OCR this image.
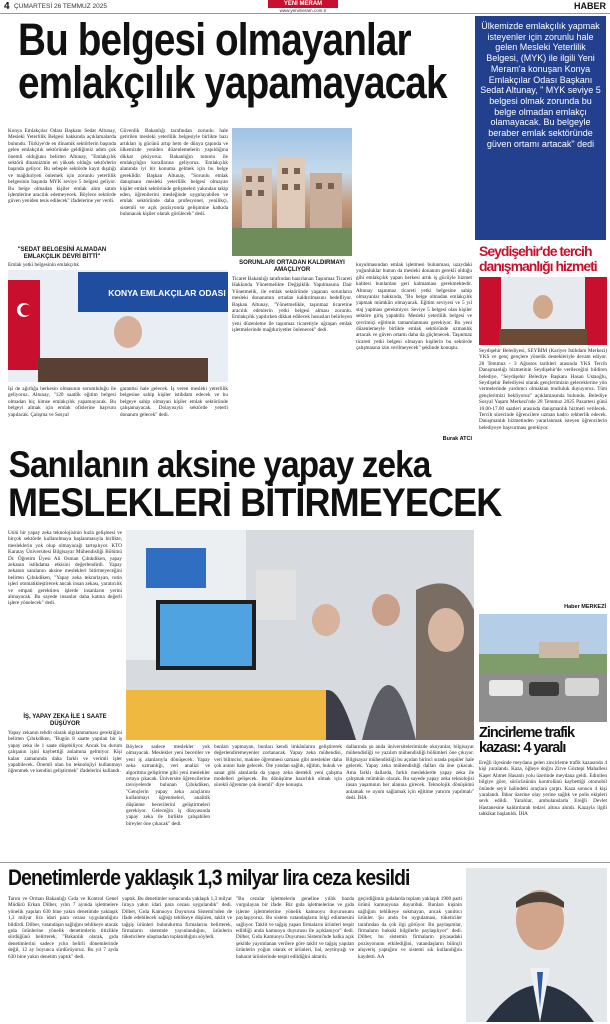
4 ÇUMARTESİ 26 TEMMUZ 2025	YENİ MERAM
www.yenimeram.com.tr	HABER
Bu belgesi olmayanlar
emlakçılık yapamayacak
Ülkemizde emlakçılık yapmak isteyenler için zorunlu hale gelen Mesleki Yeterlilik Belgesi, (MYK) ile ilgili Yeni Meram'a konuşan Konya Emlakçılar Odası Başkanı Sedat Altunay, " MYK seviye 5 belgesi olmak zorunda bu belge olmadan emlakçı olamayacak. Bu belgeyle beraber emlak sektöründe güven ortamı artacak" dedi
Konya Emlakçılar Odası Başkanı Sedat Altunay, Mesleki Yeterlilik Belgesi hakkında açıklamalarda bulundu. Türkiye'de en dinamik sektörlerin başında gelen emlakçılık sektöründe geldiğimiz adım çok önemli olduğunu belirten Altunay, "Emlakçılık sektörü dinamizmin en yüksek olduğu sektörlerin başında geliyor. Bu sebeple sektörde kayıt dışılığı ve mağduriyeti önlemek için zorunlu yeterlilik belgesinin başında MYK seviye 5 belgesi geliyor. Bu belge olmadan kişiler emlak alım satım işlemlerine aracılık edemeyecek. Böylece sektörde güven yeniden tesis edilecek" ifadelerine yer verdi.
"SEDAT BELGESİNİ ALMADAN EMLAKÇILIK DEVRİ BİTTİ"
Emlak yetki belgesinin emlakçılık
Güvenlik Bakanlığı tarafından zorunlu hale getirilen mesleki yeterlilik belgesiyle birlikte bazı artıkları iş gücünü artıp hem de dünya çapında ve ülkemizde yeniden düzenlemelerin yapıldığına dikkat çekiyoruz. Bakanlığın tutumu ile emlakçılığın kurallarına geliyoruz. Emlakçılık alanında iyi bir konuma gelmek için bu belge gereklidir. Başkan Altunay, "Sorunlu emlak danışmanı mesleki yeterlilik belgesi olmayan kişiler emlak sektöründe gelişmeleri yakından takip eden, öğrenilerini mesleğinde uygulayabilen ve emlak sektöründe daha profesyonel, yenilikçi, sistemli ve açık pozisyonda gelişimine katkıda bulunacak kişiler olarak görülecek" dedi.
KONYA EMLAKÇILAR ODASI
İşi de ağırlığa herkesin olmasının sorumluluğu ile geliyoruz. Altunay, "120 saatlik eğitim belgesi olmadan hiç kimse emlakçılık yapamayacak. Bu belgeyi almak için emlak ofislerine başvuru yapılacak. Çalışma ve Sosyal
garantisi hale gelecek. İş veren mesleki yeterlilik belgesine sahip kişiler istihdam edecek ve bu belgeye sahip olmayan kişiler emlak sektöründe çalışamayacak. Dolayısıyla sektörde yeterli donanım gelecek" dedi.
SORUNLARI ORTADAN KALDIRMAYI AMAÇLIYOR
Ticaret Bakanlığı tarafından hazırlanan Taşınmaz Ticareti Hakkında Yönetmelikte Değişiklik Yapılmasına Dair Yönetmelik, ile emlak sektöründe yaşanan sorunların mesleki donanımın ortadan kaldırılmasını hedefliyor. Başkan Altunay, "Yönetmelikle, taşınmaz ticaretine aracılık edenlerin yetki belgesi alması zorunlu. Emlakçılık yapılırken dikkat edilecek hususları belirleyen yeni düzenleme ile taşınmaz ticaretiyle uğraşan emlak işletmelerinde mağduriyetler önlenecek" dedi.
kuyulmasından emlak işletmesi bulunması, uzaydaki yoğunluklar bunun da mesleki donanım gerekli olduğu gibi emlakçılık yapan herkesi artık iş gücüyle hizmet kalitesi bunlardan geri kalmaması gerekmektedir. Altunay taşınmaz ticareti yetki belgesine sahip olmayanlar hakkında, "Bu belge olmadan emlakçılık yapmak mümkün olmayacak. Eğitim seviyesi ve 5 yıl staj yapması gerekmiyor. Seviye 5 belgesi olan kişiler sektöre giriş yapabilir. Mesleki yeterlilik belgesi ve çevrimiçi eğitimin tamamlanması gerekiyor. Bu yeni düzenlemeyle birlikte emlak sektöründe uzmanlık artacak ve güven ortamı daha da güçlenecek. Taşınmaz ticareti yetki belgesi olmayan kişilerin bu sektörde çalışmasına izin verilmeyecek" şeklinde konuştu.
Burak ATCI
Sanılanın aksine yapay zeka
MESLEKLERİ BİTİRMEYECEK
Seydişehir'de tercih
danışmanlığı hizmeti
Seydişehir Belediyesi, SEYBİM (Kariyer İstihdam Merkezi) YKS ve genç gençlere yönelik destekleriyle devam ediyor. 28 Temmuz - 3 Ağustos tarihleri arasında YKS Tercih Danışmanlığı hizmetinin Seydişehir'de verileceğini bildiren belediye, "Seydişehir Belediye Başkanı Hasan Ustaoğlu, Seydişehir Belediyesi olarak gençlerimizin geleceklerine yön vermelerinde yardımcı olmaktan mutluluk duyuyoruz. Tüm gençlerimizi bekliyoruz" açıklamasında bulundu. Belediye Sosyal Yaşam Merkezi'nde 28 Temmuz 2025 Pazartesi günü 10.00-17.00 saatleri arasında danışmanlık hizmeti verilecek. Tercih sürecinde öğrencilere uzman kadro rehberlik edecek. Danışmanlık hizmetinden yararlanmak isteyen öğrencilerin belediyeye başvurması gerekiyor.
Haber MERKEZİ
Zincirleme trafik
kazası: 4 yaralı
Ereğli ilçesinde meydana gelen zincirleme trafik kazasında 4 kişi yaralandı. Kaza, öğleye doğru Zirve Göztepi Mahallesi Kaşer Ahmet Hasanlı yolu üzerinde meydana geldi. Edinilen bilgiye göre, sürücüsünün kontrolünü kaybettiği otomobil önünde seyir halindeki araçlara çarptı. Kaza sonucu 4 kişi yaralandı. İhbar üzerine olay yerine sağlık ve polis ekipleri sevk edildi. Yaralılar, ambulanslarla Ereğli Devlet Hastanesine kaldırılarak tedavi altına alındı. Kazayla ilgili tahkikat başlatıldı. İHA
Ünlü bir yapay zeka teknolojisinin hızla gelişmesi ve birçok sektörde kullanılmaya başlanmasıyla birlikte, mesleklerin yok olup olmayacağı tartışılıyor. KTO Karatay Üniversitesi Bilgisayar Mühendisliği Bölümü Dr. Öğretim Üyesi Ali Osman Çıbıkdiken, yapay zekanın istihdama etkisini değerlendirdi. Yapay zekanın sanılanın aksine meslekleri bitirmeyeceğini belirten Çıbıkdiken, "Yapay zeka tekrarlayan, rutin işleri otomatikleştirecek ancak insan zekası, yaratıcılık ve empati gerektiren işlerde insanların yerini almayacak. Bu sayede insanlar daha katma değerli işlere yönelecek" dedi.
İŞ, YAPAY ZEKA İLE 1 SAATE DÜŞÜYOR
Yapay zekanın tehdit olarak algılanmaması gerektiğini belirten Çıbıkdiken, "Bugün 8 saatte yapılan bir iş yapay zeka ile 1 saate düşebiliyor. Ancak bu durum çalışanın işini kaybettiği anlamına gelmiyor. Kişi kalan zamanında daha farklı ve verimli işler yapabilecek. Önemli olan bu teknolojiyi kullanmayı öğrenmek ve kendini geliştirmek" ifadelerini kullandı.
Böylece sadece meslekler yok olmayacak. Meslekler yeni beceriler ve yeni iş alanlarıyla dönüşecek. Yapay zeka uzmanlığı, veri analizi ve algoritma geliştirme gibi yeni meslekler ortaya çıkacak. Üniversite öğrencilerine tavsiyelerde bulunan Çıbıkdiken, "Gençlerin yapay zeka araçlarını kullanmayı öğrenmeleri, analitik düşünme becerilerini geliştirmeleri gerekiyor. Geleceğin iş dünyasında yapay zeka ile birlikte çalışabilen bireyler öne çıkacak" dedi.
bunları yapmayan, bunları kendi imkânlarını geliştirerek değerlendiremeyenler zorlanacak. Yapay zeka mühendisi, veri bilimcisi, makine öğrenmesi uzmanı gibi meslekler daha çok aranır hale gelecek. Öte yandan sağlık, eğitim, hukuk ve sanat gibi alanlarda da yapay zeka destekli yeni çalışma modelleri gelişecek. Bu dönüşüme hazırlıklı olmak için sürekli öğrenme çok önemli" diye konuştu.
dallarında şu anda üniversitelerimizde okuyanlar, bilgisayar mühendisliği ve yazılım mühendisliği bölümleri öne çıkıyor. Bilgisayar mühendisliği bu açıdan birinci sırada popüler hale gelecek. Yapay zeka mühendisliği dalları da öne çıkacak. Ama farklı dallarda, farklı mesleklerde yapay zeka ile çalışmak mümkün olacak. Bu sayede yapay zeka teknolojisi insan yaşamının her alanına girecek. Teknolojik dönüşümü anlamak ve uyum sağlamak için eğitime yatırım yapılmalı" dedi. İHA
Denetimlerde yaklaşık 1,3 milyar lira ceza kesildi
Tarım ve Orman Bakanlığı Gıda ve Kontrol Genel Müdürü Erkan Dilber, yılın 7 ayında işletmelere yönelik yapılan 630 bine yakın denetimde yaklaşık 1,3 milyar lira idari para cezası uygulandığını bildirdi. Dilber, vatandaşın sağlığını tehlikeye atacak gıda ürünlerine yönelik denetimlerin titizlikle sürdüğünü belirterek, "Bakanlık olarak, gıda denetimlerini sadece yılın belirli dönemlerinde değil, 12 ay boyunca sürdürüyoruz. Bu yıl 7 ayda 630 bine yakın denetim yaptık" dedi.
yaptık. Bu denetimler sonucunda yaklaşık 1,3 milyar liraya yakın idari para cezası uygulandık" dedi. Dilber, Gıda Kamuoyu Duyurusu Sistemi'nden de ifade edebilecek sağlığı tehlikeye düşüren, taklit ve tağşiş ürünleri bulundurma firmalarını belirterek, firmaların sistemde yayınlandığını, ürünlerin tüketicilere ulaşmadan toplatıldığını söyledi.
"Bu cezalar işletmelerin geneline yıllık bazda vurgulayan bir ifade. Biz gıda işletmelerine ve gıda işleme işletmelerine yönelik kamuoyu duyurusunu paylaşıyoruz. Bu sistem vatandaşların bilgi edinmesini sağlıyor. Taklit ve tağşiş yapan firmaların ürünleri tespit edildiği anda kamuoyu duyurusu ile açıklanıyor" dedi. Dilber, Gıda Kamuoyu Duyurusu Sistemi'nde halka açık şekilde yayımlanan verilere göre taklit ve tağşiş yapılan ürünlerin yoğun olarak et ürünleri, bal, zeytinyağı ve baharat ürünlerinde tespit edildiğini aktardı.
geçirdiğimiz gıdalarda toplam yaklaşık 1900 parti ürünü kamuoyuna duyurduk. Bunları kişinin sağlığını tehlikeye sokmayan, ancak yanıltıcı ürünler. Şu anda bu uygulaması, tüketiciler tarafından da çok ilgi görüyor. Bu paylaşımlar, firmaların hukuki bilgilerle paylaşılıyor" dedi. Dilber, bu sistemin firmaların piyasadaki pozisyonunu etkilediğini, vatandaşların bilinçli alışveriş yaptığını ve sistemi sık kullandığını kaydetti. AA
